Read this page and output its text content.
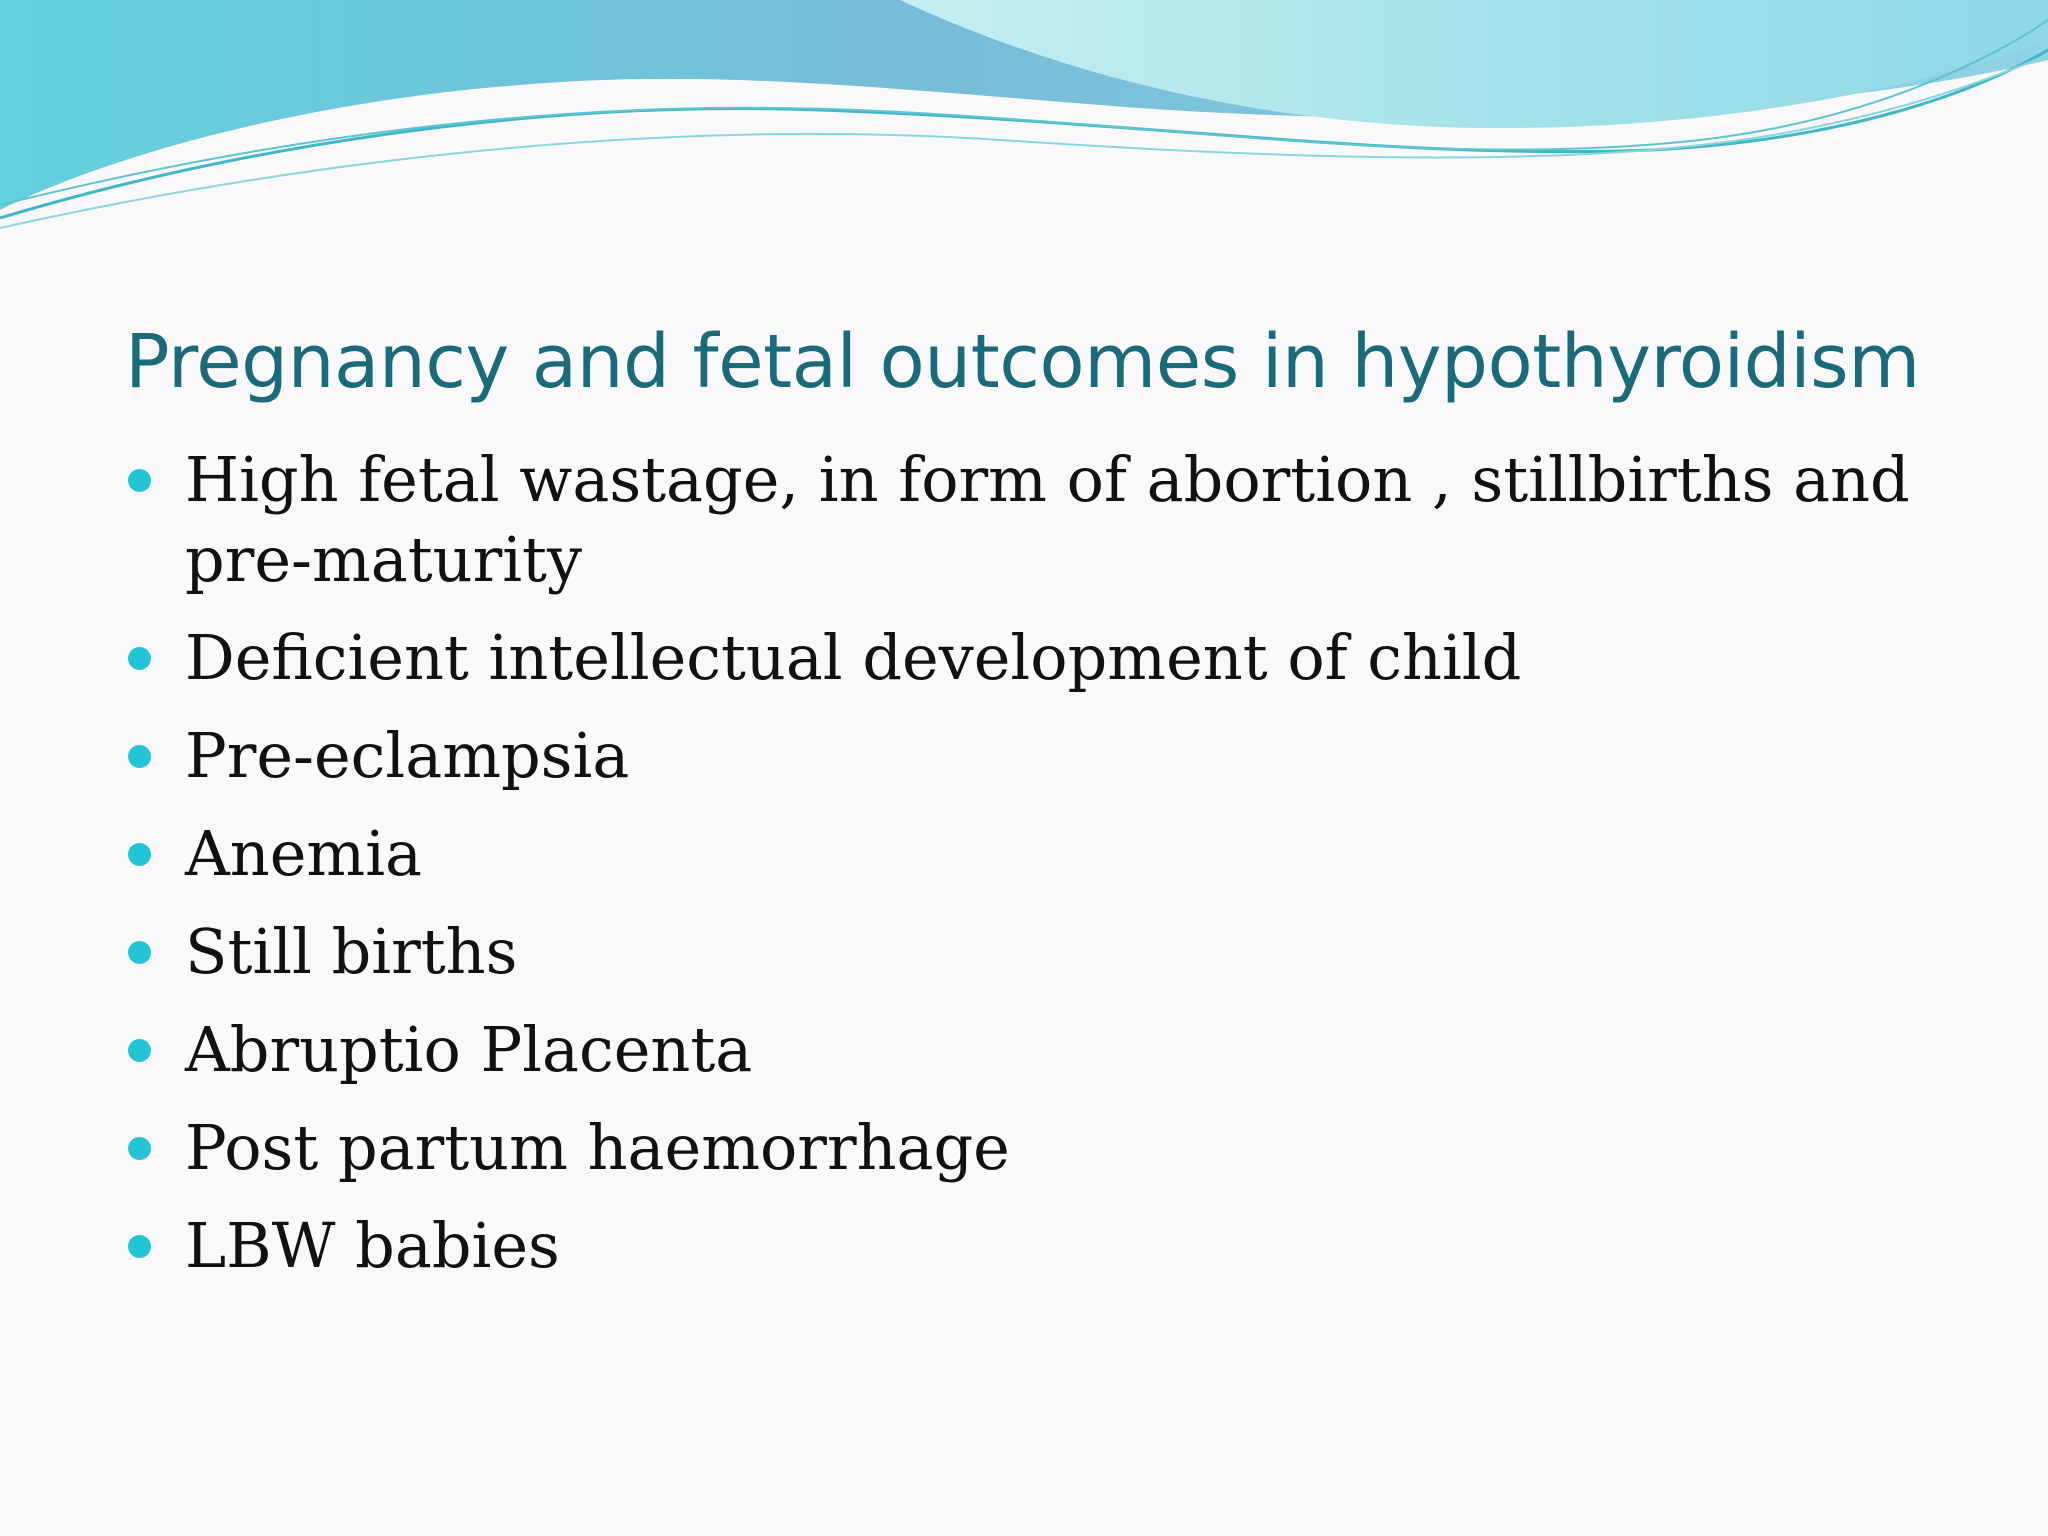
Pregnancy and fetal outcomes in hypothyroidism
High fetal wastage, in form of abortion , stillbirths and pre-maturity
Deficient intellectual development of child
Pre-eclampsia
Anemia
Still births
Abruptio Placenta
Post partum haemorrhage
LBW babies
